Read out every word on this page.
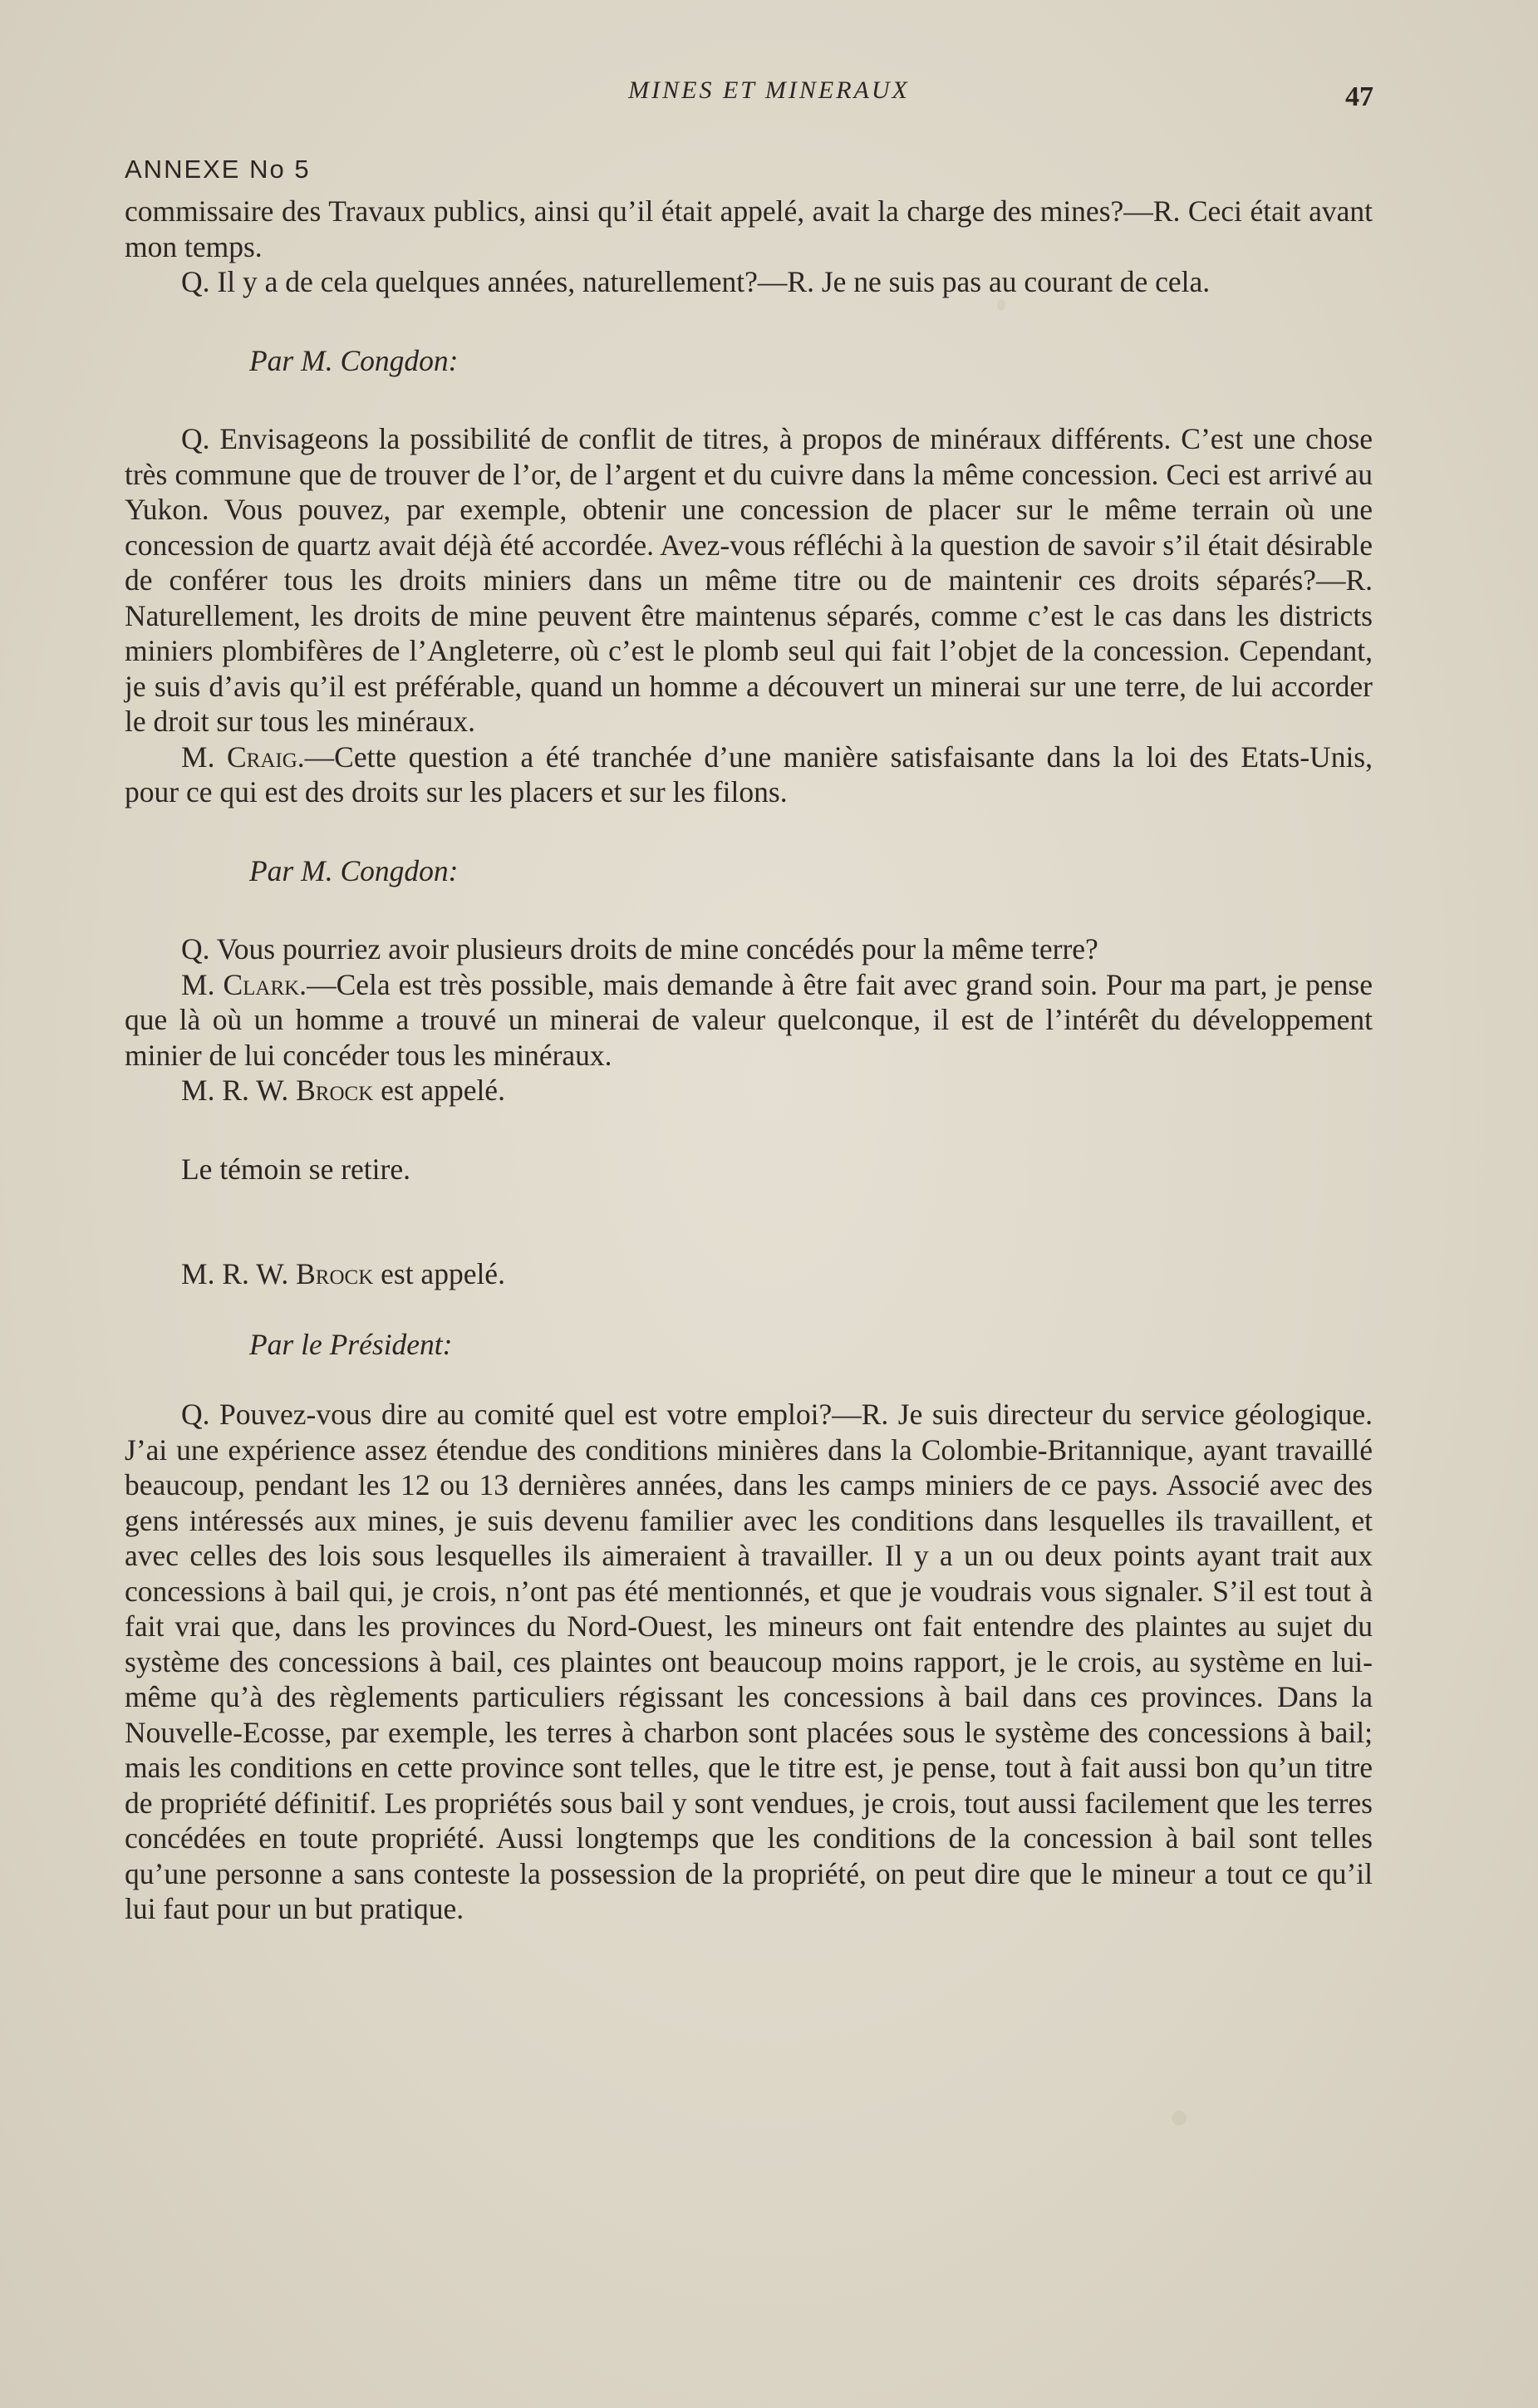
MINES ET MINERAUX	47
ANNEXE No 5

commissaire des Travaux publics, ainsi qu’il était appelé, avait la charge des mines?—R. Ceci était avant mon temps.

Q. Il y a de cela quelques années, naturellement?—R. Je ne suis pas au courant de cela.

Par M. Congdon:

Q. Envisageons la possibilité de conflit de titres, à propos de minéraux différents. C’est une chose très commune que de trouver de l’or, de l’argent et du cuivre dans la même concession. Ceci est arrivé au Yukon. Vous pouvez, par exemple, obtenir une concession de placer sur le même terrain où une concession de quartz avait déjà été accordée. Avez-vous réfléchi à la question de savoir s’il était désirable de conférer tous les droits miniers dans un même titre ou de maintenir ces droits séparés?—R. Naturellement, les droits de mine peuvent être maintenus séparés, comme c’est le cas dans les districts miniers plombifères de l’Angleterre, où c’est le plomb seul qui fait l’objet de la concession. Cependant, je suis d’avis qu’il est préférable, quand un homme a découvert un minerai sur une terre, de lui accorder le droit sur tous les minéraux.

M. Craig.—Cette question a été tranchée d’une manière satisfaisante dans la loi des Etats-Unis, pour ce qui est des droits sur les placers et sur les filons.

Par M. Congdon:

Q. Vous pourriez avoir plusieurs droits de mine concédés pour la même terre?

M. Clark.—Cela est très possible, mais demande à être fait avec grand soin. Pour ma part, je pense que là où un homme a trouvé un minerai de valeur quelconque, il est de l’intérêt du développement minier de lui concéder tous les minéraux.

M. R. W. Brock est appelé.

Le témoin se retire.

M. R. W. Brock est appelé.

Par le Président:

Q. Pouvez-vous dire au comité quel est votre emploi?—R. Je suis directeur du service géologique. J’ai une expérience assez étendue des conditions minières dans la Colombie-Britannique, ayant travaillé beaucoup, pendant les 12 ou 13 dernières années, dans les camps miniers de ce pays. Associé avec des gens intéressés aux mines, je suis devenu familier avec les conditions dans lesquelles ils travaillent, et avec celles des lois sous lesquelles ils aimeraient à travailler. Il y a un ou deux points ayant trait aux concessions à bail qui, je crois, n’ont pas été mentionnés, et que je voudrais vous signaler. S’il est tout à fait vrai que, dans les provinces du Nord-Ouest, les mineurs ont fait entendre des plaintes au sujet du système des concessions à bail, ces plaintes ont beaucoup moins rapport, je le crois, au système en lui-même qu’à des règlements particuliers régissant les concessions à bail dans ces provinces. Dans la Nouvelle-Ecosse, par exemple, les terres à charbon sont placées sous le système des concessions à bail; mais les conditions en cette province sont telles, que le titre est, je pense, tout à fait aussi bon qu’un titre de propriété définitif. Les propriétés sous bail y sont vendues, je crois, tout aussi facilement que les terres concédées en toute propriété. Aussi longtemps que les conditions de la concession à bail sont telles qu’une personne a sans conteste la possession de la propriété, on peut dire que le mineur a tout ce qu’il lui faut pour un but pratique.
